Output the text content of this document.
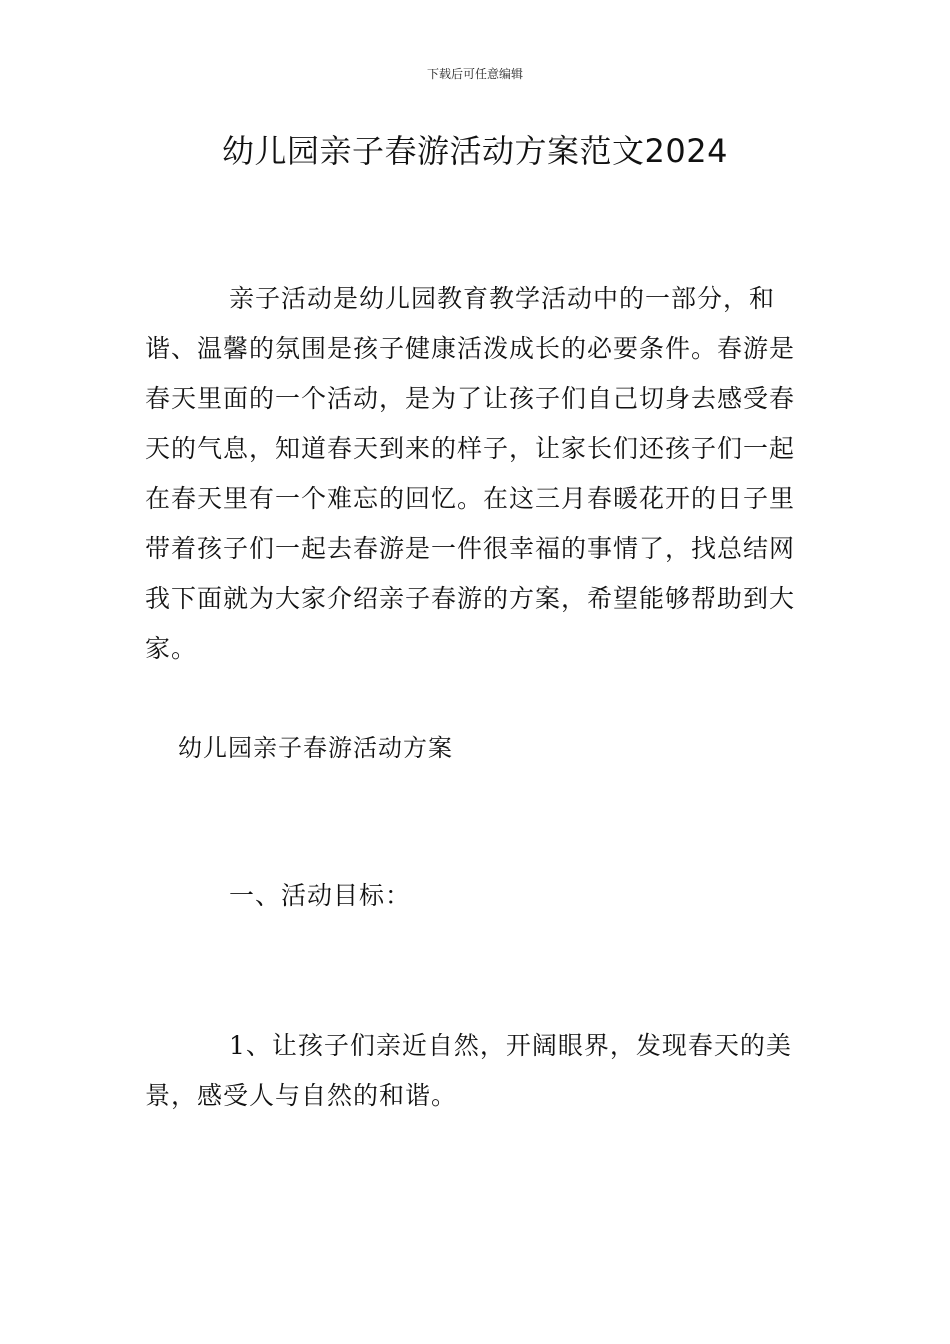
下载后可任意编辑
幼儿园亲子春游活动方案范文2024

亲子活动是幼儿园教育教学活动中的一部分，和谐、温馨的氛围是孩子健康活泼成长的必要条件。春游是春天里面的一个活动，是为了让孩子们自己切身去感受春天的气息，知道春天到来的样子，让家长们还孩子们一起在春天里有一个难忘的回忆。在这三月春暖花开的日子里带着孩子们一起去春游是一件很幸福的事情了，找总结网我下面就为大家介绍亲子春游的方案，希望能够帮助到大家。

幼儿园亲子春游活动方案
一、活动目标：

1、让孩子们亲近自然，开阔眼界，发现春天的美景，感受人与自然的和谐。
